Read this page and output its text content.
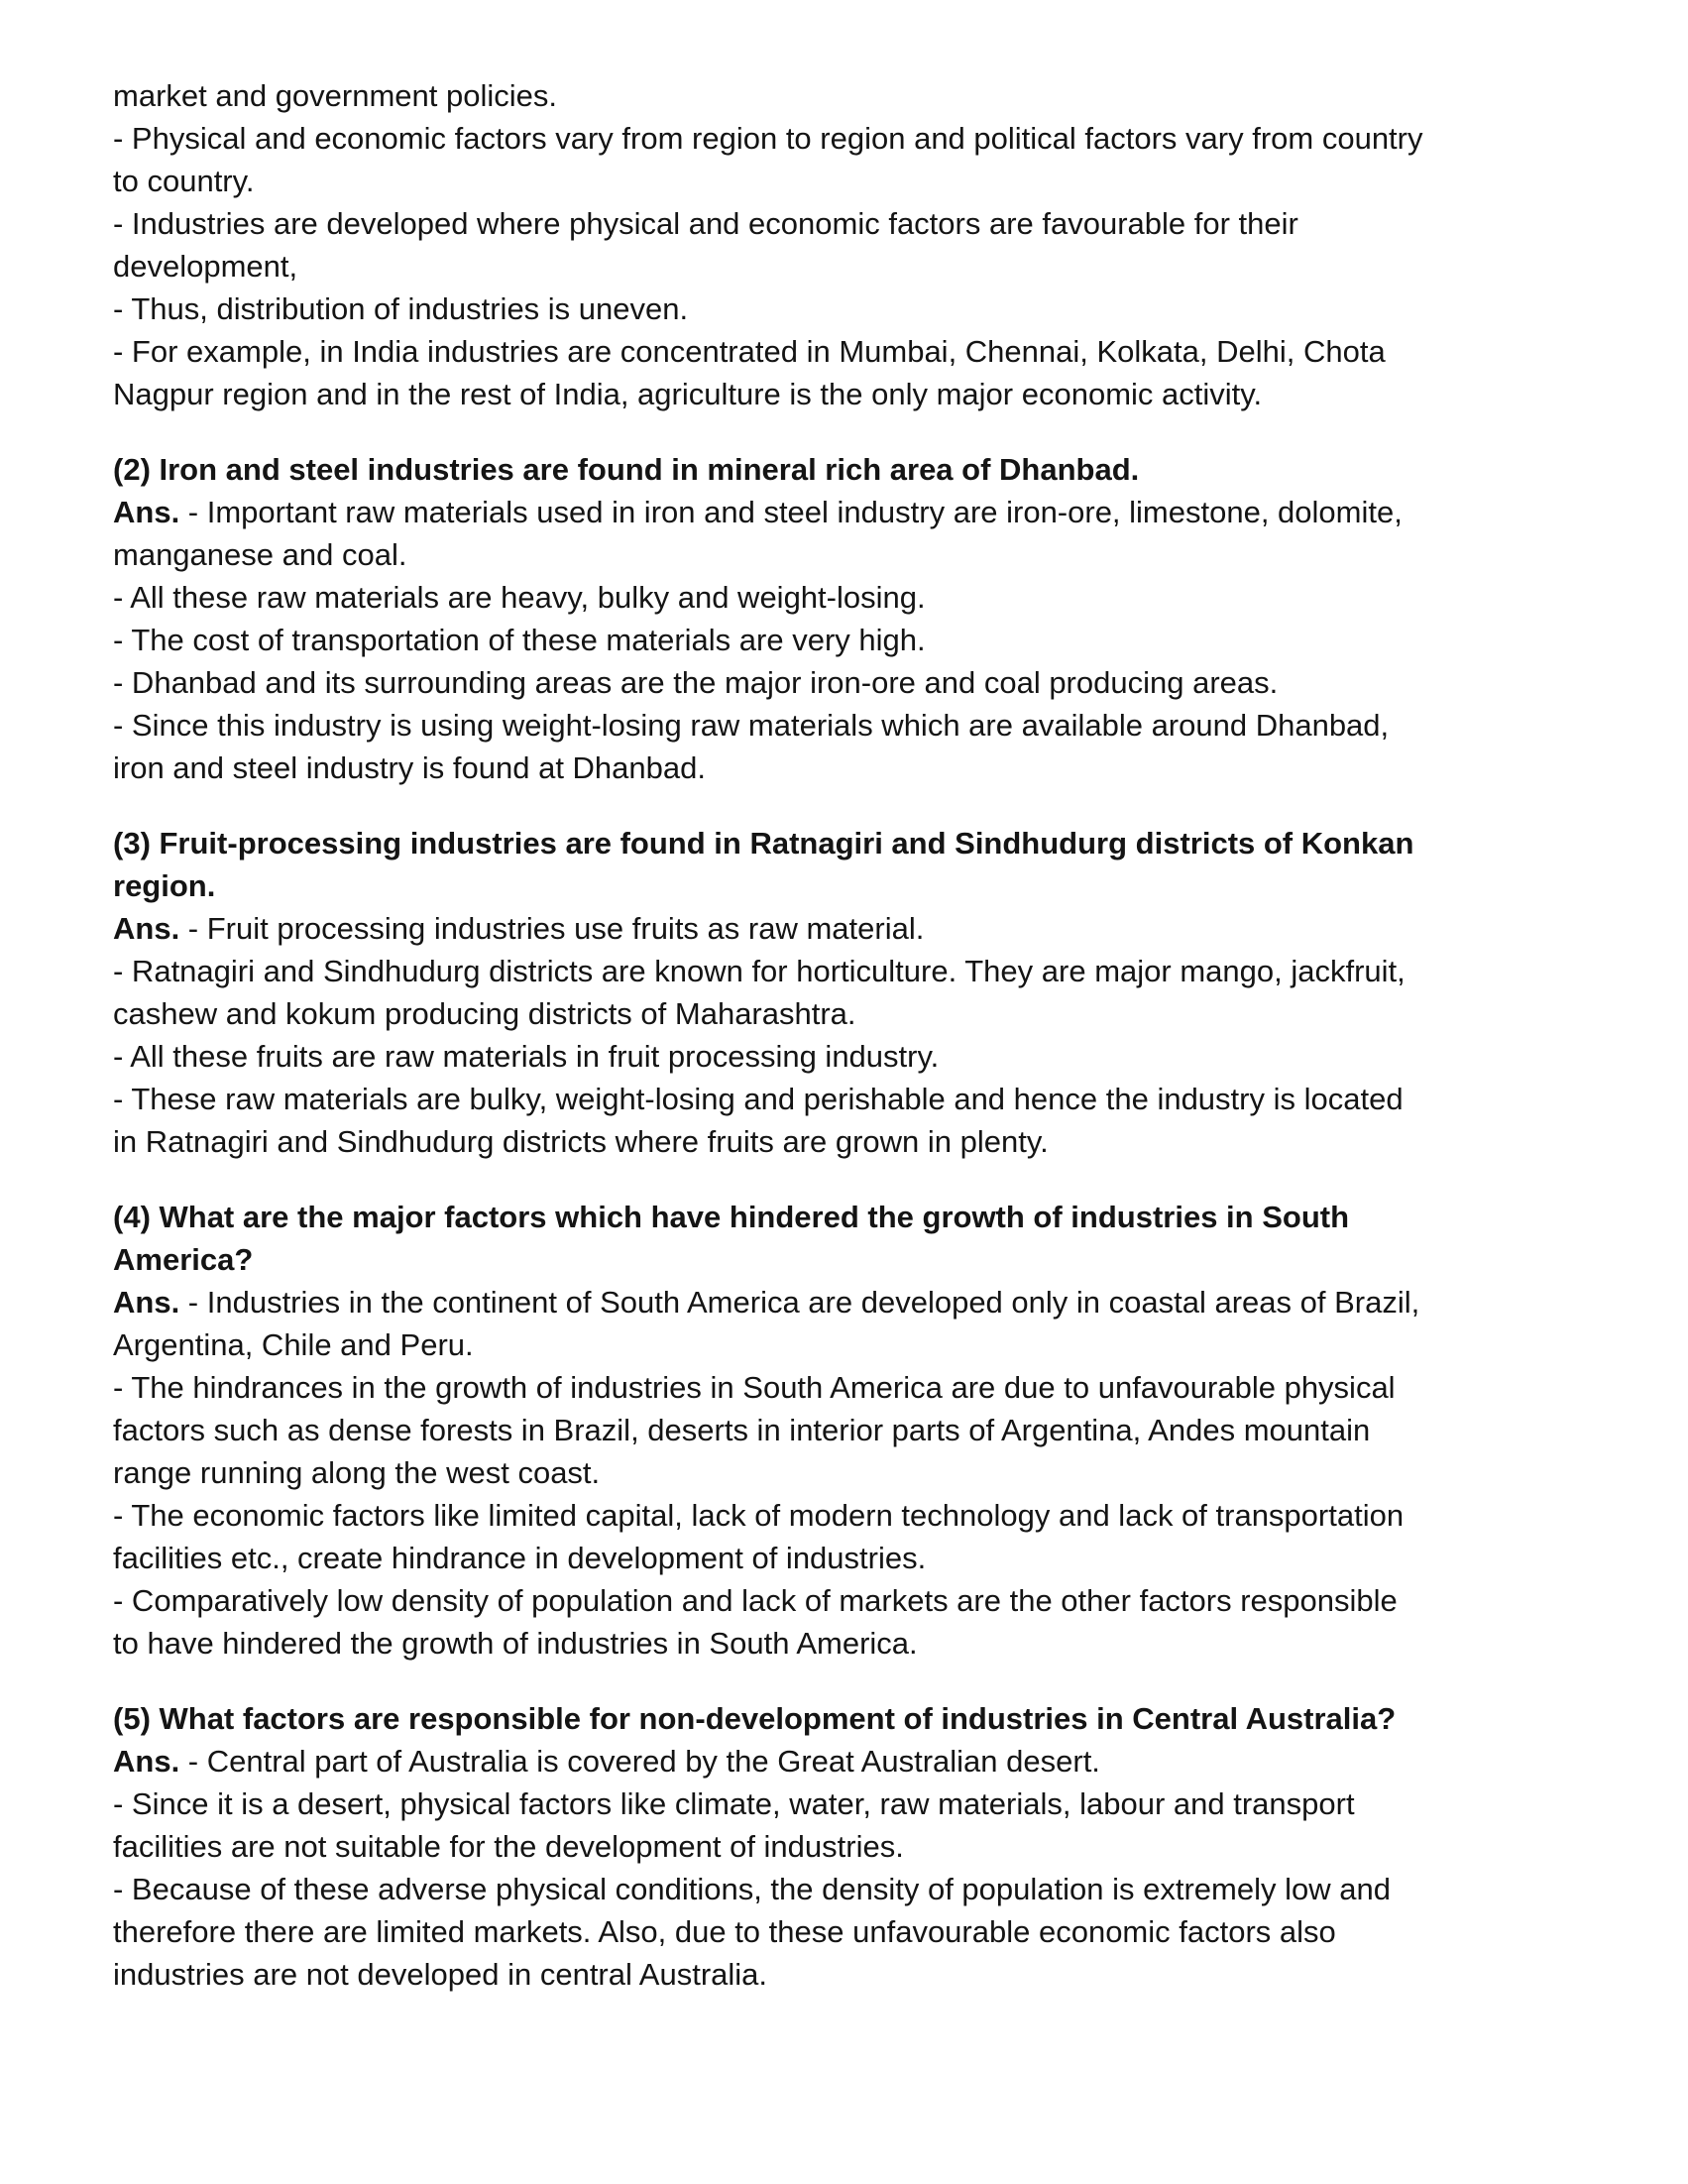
market and government policies.
- Physical and economic factors vary from region to region and political factors vary from country
to country.
- Industries are developed where physical and economic factors are favourable for their
development,
- Thus, distribution of industries is uneven.
- For example, in India industries are concentrated in Mumbai, Chennai, Kolkata, Delhi, Chota
Nagpur region and in the rest of India, agriculture is the only major economic activity.
(2) Iron and steel industries are found in mineral rich area of Dhanbad.
Ans. - Important raw materials used in iron and steel industry are iron-ore, limestone, dolomite,
manganese and coal.
- All these raw materials are heavy, bulky and weight-losing.
- The cost of transportation of these materials are very high.
- Dhanbad and its surrounding areas are the major iron-ore and coal producing areas.
- Since this industry is using weight-losing raw materials which are available around Dhanbad,
iron and steel industry is found at Dhanbad.
(3) Fruit-processing industries are found in Ratnagiri and Sindhudurg districts of Konkan
region.
Ans. - Fruit processing industries use fruits as raw material.
- Ratnagiri and Sindhudurg districts are known for horticulture. They are major mango, jackfruit,
cashew and kokum producing districts of Maharashtra.
- All these fruits are raw materials in fruit processing industry.
- These raw materials are bulky, weight-losing and perishable and hence the industry is located
in Ratnagiri and Sindhudurg districts where fruits are grown in plenty.
(4) What are the major factors which have hindered the growth of industries in South
America?
Ans. - Industries in the continent of South America are developed only in coastal areas of Brazil,
Argentina, Chile and Peru.
- The hindrances in the growth of industries in South America are due to unfavourable physical
factors such as dense forests in Brazil, deserts in interior parts of Argentina, Andes mountain
range running along the west coast.
- The economic factors like limited capital, lack of modern technology and lack of transportation
facilities etc., create hindrance in development of industries.
- Comparatively low density of population and lack of markets are the other factors responsible
to have hindered the growth of industries in South America.
(5) What factors are responsible for non-development of industries in Central Australia?
Ans. - Central part of Australia is covered by the Great Australian desert.
- Since it is a desert, physical factors like climate, water, raw materials, labour and transport
facilities are not suitable for the development of industries.
- Because of these adverse physical conditions, the density of population is extremely low and
therefore there are limited markets. Also, due to these unfavourable economic factors also
industries are not developed in central Australia.
